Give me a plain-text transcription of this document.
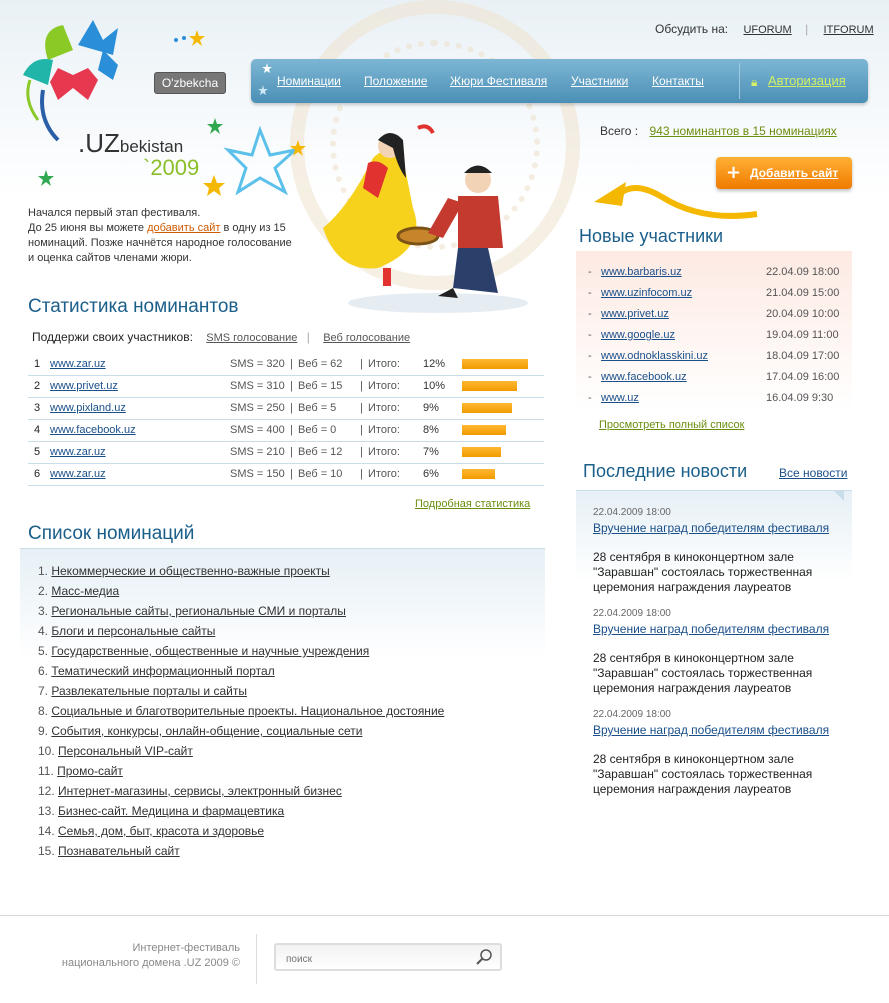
.UZbekistan
`2009
O'zbekcha
Обсудить на: UFORUM | ITFORUM
Номинации Положение Жюри Фестиваля Участники Контакты	🔒︎ Авторизация
Начался первый этап фестиваля.
До 25 июня вы можете добавить сайт в одну из 15 номинаций. Позже начнётся народное голосование и оценка сайтов членами жюри.
Статистика номинантов
Поддержи своих участников: SMS голосование | Веб голосование
1 www.zar.uz	SMS = 320 Веб = 62 Итого: 12%
|	|
2 www.privet.uz	SMS = 310 Веб = 15 Итого: 10%
|	|
3 www.pixland.uz	SMS = 250 Веб = 5	Итого: 9%
|	|
4 www.facebook.uz	SMS = 400 Веб = 0	Итого: 8%
|	|
5 www.zar.uz	SMS = 210 Веб = 12 Итого: 7%
|	|
6 www.zar.uz	SMS = 150 Веб = 10 Итого: 6%
|	|
Подробная статистика
Список номинаций
1. Некоммерческие и общественно-важные проекты
2. Масс-медиа
3. Региональные сайты, региональные СМИ и порталы
4. Блоги и персональные сайты
5. Государственные, общественные и научные учреждения
6. Тематический информационный портал
7. Развлекательные порталы и сайты
8. Социальные и благотворительные проекты. Национальное достояние
9. События, конкурсы, онлайн-общение, социальные сети
10. Персональный VIP-сайт
11. Промо-сайт
12. Интернет-магазины, сервисы, электронный бизнес
13. Бизнес-сайт. Медицина и фармацевтика
14. Семья, дом, быт, красота и здоровье
15. Познавательный сайт
Всего : 943 номинантов в 15 номинациях
+ Добавить сайт
Новые участники
- www.barbaris.uz	22.04.09 18:00
- www.uzinfocom.uz	21.04.09 15:00
- www.privet.uz	20.04.09 10:00
- www.google.uz	19.04.09 11:00
- www.odnoklasskini.uz	18.04.09 17:00
- www.facebook.uz	17.04.09 16:00
- www.uz	16.04.09 9:30
Просмотреть полный список
Последние новости	Все новости
22.04.2009 18:00
Вручение наград победителям фестиваля
28 сентября в киноконцертном зале "Заравшан" состоялась торжественная церемония награждения лауреатов
22.04.2009 18:00
Вручение наград победителям фестиваля
28 сентября в киноконцертном зале "Заравшан" состоялась торжественная церемония награждения лауреатов
22.04.2009 18:00
Вручение наград победителям фестиваля
28 сентября в киноконцертном зале "Заравшан" состоялась торжественная церемония награждения лауреатов
Интернет-фестиваль
национального домена .UZ 2009 ©
поиск
